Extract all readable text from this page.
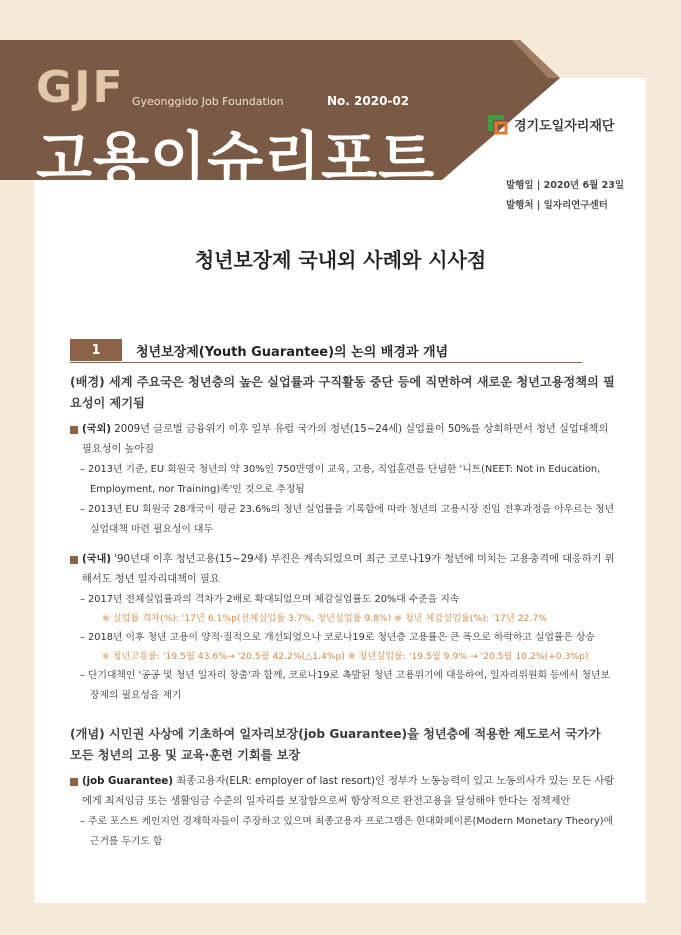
GJF Gyeonggido Job Foundation	No. 2020-02
고용이슈리포트	경기도일자리재단
발행일 | 2020년 6월 23일
발행처 | 일자리연구센터
청년보장제 국내외 사례와 시사점
1	청년보장제(Youth Guarantee)의 논의 배경과 개념

(배경) 세계 주요국은 청년층의 높은 실업률과 구직활동 중단 등에 직면하여 새로운 청년고용정책의 필요성이 제기됨

(국외) 2009년 글로벌 금융위기 이후 일부 유럽 국가의 청년(15~24세) 실업률이 50%를 상회하면서 청년 실업대책의 필요성이 높아짐

– 2013년 기준, EU 회원국 청년의 약 30%인 750만명이 교육, 고용, 직업훈련을 단념한 '니트(NEET: Not in Education, Employment, nor Training)족'인 것으로 추정됨

– 2013년 EU 회원국 28개국이 평균 23.6%의 청년 실업률을 기록함에 따라 청년의 고용시장 진입 전후과정을 아우르는 청년실업대책 마련 필요성이 대두

(국내) '90년대 이후 청년고용(15~29세) 부진은 계속되었으며 최근 코로나19가 청년에 미치는 고용충격에 대응하기 위해서도 청년 일자리대책이 필요

– 2017년 전체실업률과의 격차가 2배로 확대되었으며 체감실업률도 20%대 수준을 지속

※ 실업률 격차(%): '17년 6.1%p(전체실업률 3.7%, 청년실업률 9.8%) ※ 청년 체감실업률(%): '17년 22.7%

– 2018년 이후 청년 고용이 양적·질적으로 개선되었으나 코로나19로 청년층 고용률은 큰 폭으로 하락하고 실업률은 상승

※ 청년고용률: '19.5월 43.6%→ '20.5월 42.2%(△1.4%p) ※ 청년실업률: '19.5월 9.9% → '20.5월 10.2%(+0.3%p)

– 단기대책인 '공공 및 청년 일자리 창출'과 함께, 코로나19로 촉발된 청년 고용위기에 대응하여, 일자리위원회 등에서 청년보장제의 필요성을 제기

(개념) 시민권 사상에 기초하여 일자리보장(job Guarantee)을 청년층에 적용한 제도로서 국가가 모든 청년의 고용 및 교육·훈련 기회를 보장

(job Guarantee) 최종고용자(ELR: employer of last resort)인 정부가 노동능력이 있고 노동의사가 있는 모든 사람에게 최저임금 또는 생활임금 수준의 일자리를 보장함으로써 항상적으로 완전고용을 달성해야 한다는 정책제안

– 주로 포스트 케인지언 경제학자들이 주장하고 있으며 최종고용자 프로그램은 현대화폐이론(Modern Monetary Theory)에 근거를 두기도 함
